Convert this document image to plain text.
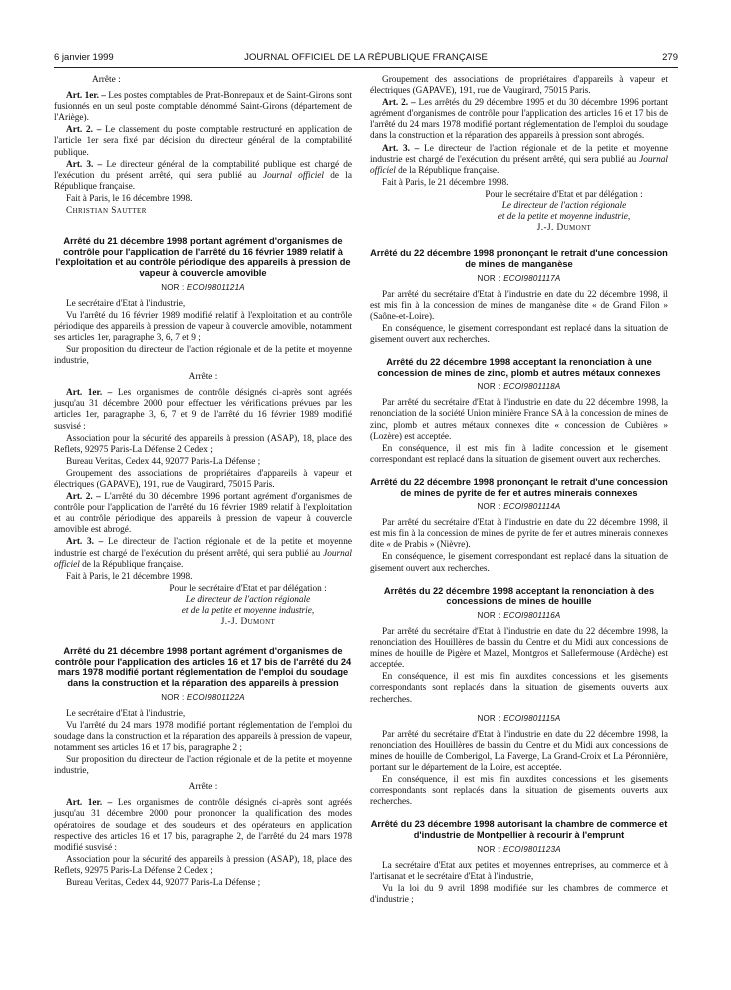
6 janvier 1999	JOURNAL OFFICIEL DE LA RÉPUBLIQUE FRANÇAISE	279

Arrête :

Art. 1er. – Les postes comptables de Prat-Bonrepaux et de Saint-Girons sont fusionnés en un seul poste comptable dénommé Saint-Girons (département de l'Ariège).

Art. 2. – Le classement du poste comptable restructuré en application de l'article 1er sera fixé par décision du directeur général de la comptabilité publique.

Art. 3. – Le directeur général de la comptabilité publique est chargé de l'exécution du présent arrêté, qui sera publié au Journal officiel de la République française.

Fait à Paris, le 16 décembre 1998.

Christian Sautter

Arrêté du 21 décembre 1998 portant agrément d'organismes de contrôle pour l'application de l'arrêté du 16 février 1989 relatif à l'exploitation et au contrôle périodique des appareils à pression de vapeur à couvercle amovible
NOR : ECOI9801121A

Le secrétaire d'Etat à l'industrie,

Vu l'arrêté du 16 février 1989 modifié relatif à l'exploitation et au contrôle périodique des appareils à pression de vapeur à couvercle amovible, notamment ses articles 1er, paragraphe 3, 6, 7 et 9 ;

Sur proposition du directeur de l'action régionale et de la petite et moyenne industrie,

Arrête :

Art. 1er. – Les organismes de contrôle désignés ci-après sont agréés jusqu'au 31 décembre 2000 pour effectuer les vérifications prévues par les articles 1er, paragraphe 3, 6, 7 et 9 de l'arrêté du 16 février 1989 modifié susvisé :

Association pour la sécurité des appareils à pression (ASAP), 18, place des Reflets, 92975 Paris-La Défense 2 Cedex ;

Bureau Veritas, Cedex 44, 92077 Paris-La Défense ;

Groupement des associations de propriétaires d'appareils à vapeur et électriques (GAPAVE), 191, rue de Vaugirard, 75015 Paris.

Art. 2. – L'arrêté du 30 décembre 1996 portant agrément d'organismes de contrôle pour l'application de l'arrêté du 16 février 1989 relatif à l'exploitation et au contrôle périodique des appareils à pression de vapeur à couvercle amovible est abrogé.

Art. 3. – Le directeur de l'action régionale et de la petite et moyenne industrie est chargé de l'exécution du présent arrêté, qui sera publié au Journal officiel de la République française.

Fait à Paris, le 21 décembre 1998.

Pour le secrétaire d'Etat et par délégation :
Le directeur de l'action régionale
et de la petite et moyenne industrie,
J.-J. Dumont
Arrêté du 21 décembre 1998 portant agrément d'organismes de contrôle pour l'application des articles 16 et 17 bis de l'arrêté du 24 mars 1978 modifié portant réglementation de l'emploi du soudage dans la construction et la réparation des appareils à pression
NOR : ECOI9801122A

Le secrétaire d'Etat à l'industrie,

Vu l'arrêté du 24 mars 1978 modifié portant réglementation de l'emploi du soudage dans la construction et la réparation des appareils à pression de vapeur, notamment ses articles 16 et 17 bis, paragraphe 2 ;

Sur proposition du directeur de l'action régionale et de la petite et moyenne industrie,

Arrête :

Art. 1er. – Les organismes de contrôle désignés ci-après sont agréés jusqu'au 31 décembre 2000 pour prononcer la qualification des modes opératoires de soudage et des soudeurs et des opérateurs en application respective des articles 16 et 17 bis, paragraphe 2, de l'arrêté du 24 mars 1978 modifié susvisé :

Association pour la sécurité des appareils à pression (ASAP), 18, place des Reflets, 92975 Paris-La Défense 2 Cedex ;

Bureau Veritas, Cedex 44, 92077 Paris-La Défense ;

Groupement des associations de propriétaires d'appareils à vapeur et électriques (GAPAVE), 191, rue de Vaugirard, 75015 Paris.

Art. 2. – Les arrêtés du 29 décembre 1995 et du 30 décembre 1996 portant agrément d'organismes de contrôle pour l'application des articles 16 et 17 bis de l'arrêté du 24 mars 1978 modifié portant réglementation de l'emploi du soudage dans la construction et la réparation des appareils à pression sont abrogés.

Art. 3. – Le directeur de l'action régionale et de la petite et moyenne industrie est chargé de l'exécution du présent arrêté, qui sera publié au Journal officiel de la République française.

Fait à Paris, le 21 décembre 1998.

Pour le secrétaire d'Etat et par délégation :
Le directeur de l'action régionale
et de la petite et moyenne industrie,
J.-J. Dumont
Arrêté du 22 décembre 1998 prononçant le retrait d'une concession de mines de manganèse
NOR : ECOI9801117A

Par arrêté du secrétaire d'Etat à l'industrie en date du 22 décembre 1998, il est mis fin à la concession de mines de manganèse dite « de Grand Filon » (Saône-et-Loire).

En conséquence, le gisement correspondant est replacé dans la situation de gisement ouvert aux recherches.

Arrêté du 22 décembre 1998 acceptant la renonciation à une concession de mines de zinc, plomb et autres métaux connexes
NOR : ECOI9801118A

Par arrêté du secrétaire d'Etat à l'industrie en date du 22 décembre 1998, la renonciation de la société Union minière France SA à la concession de mines de zinc, plomb et autres métaux connexes dite « concession de Cubières » (Lozère) est acceptée.

En conséquence, il est mis fin à ladite concession et le gisement correspondant est replacé dans la situation de gisement ouvert aux recherches.

Arrêté du 22 décembre 1998 prononçant le retrait d'une concession de mines de pyrite de fer et autres minerais connexes
NOR : ECOI9801114A

Par arrêté du secrétaire d'Etat à l'industrie en date du 22 décembre 1998, il est mis fin à la concession de mines de pyrite de fer et autres minerais connexes dite « de Prabis » (Nièvre).

En conséquence, le gisement correspondant est replacé dans la situation de gisement ouvert aux recherches.

Arrêtés du 22 décembre 1998 acceptant la renonciation à des concessions de mines de houille
NOR : ECOI9801116A

Par arrêté du secrétaire d'Etat à l'industrie en date du 22 décembre 1998, la renonciation des Houillères de bassin du Centre et du Midi aux concessions de mines de houille de Pigère et Mazel, Montgros et Sallefermouse (Ardèche) est acceptée.

En conséquence, il est mis fin auxdites concessions et les gisements correspondants sont replacés dans la situation de gisements ouverts aux recherches.

NOR : ECOI9801115A

Par arrêté du secrétaire d'Etat à l'industrie en date du 22 décembre 1998, la renonciation des Houillères de bassin du Centre et du Midi aux concessions de mines de houille de Comberigol, La Faverge, La Grand-Croix et La Péronnière, portant sur le département de la Loire, est acceptée.

En conséquence, il est mis fin auxdites concessions et les gisements correspondants sont replacés dans la situation de gisements ouverts aux recherches.

Arrêté du 23 décembre 1998 autorisant la chambre de commerce et d'industrie de Montpellier à recourir à l'emprunt
NOR : ECOI9801123A

La secrétaire d'Etat aux petites et moyennes entreprises, au commerce et à l'artisanat et le secrétaire d'Etat à l'industrie,

Vu la loi du 9 avril 1898 modifiée sur les chambres de commerce et d'industrie ;
